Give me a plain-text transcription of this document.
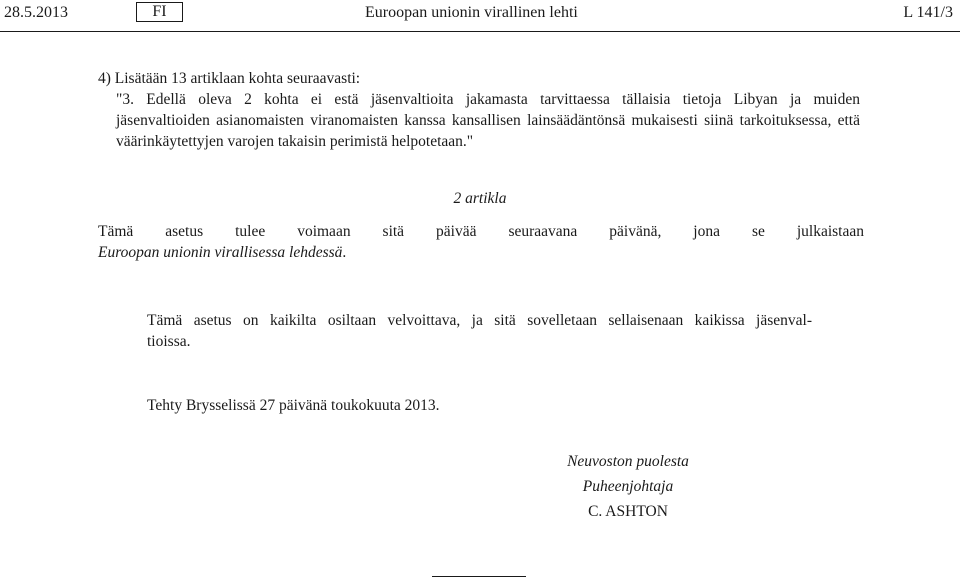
28.5.2013	FI	Euroopan unionin virallinen lehti	L 141/3

4) Lisätään 13 artiklaan kohta seuraavasti:

"3. Edellä oleva 2 kohta ei estä jäsenvaltioita jakamasta tarvittaessa tällaisia tietoja Libyan ja muiden
jäsenvaltioiden asianomaisten viranomaisten kanssa kansallisen lainsäädäntönsä mukaisesti siinä tarkoituksessa, että väärinkäytettyjen varojen takaisin perimistä helpotetaan."

2 artikla

Tämä asetus tulee voimaan sitä päivää seuraavana päivänä, jona se julkaistaan
Euroopan unionin virallisessa lehdessä.

Tämä asetus on kaikilta osiltaan velvoittava, ja sitä sovelletaan sellaisenaan kaikissa jäsenval-
tioissa.

Tehty Brysselissä 27 päivänä toukokuuta 2013.

Neuvoston puolesta
Puheenjohtaja
C. ASHTON
